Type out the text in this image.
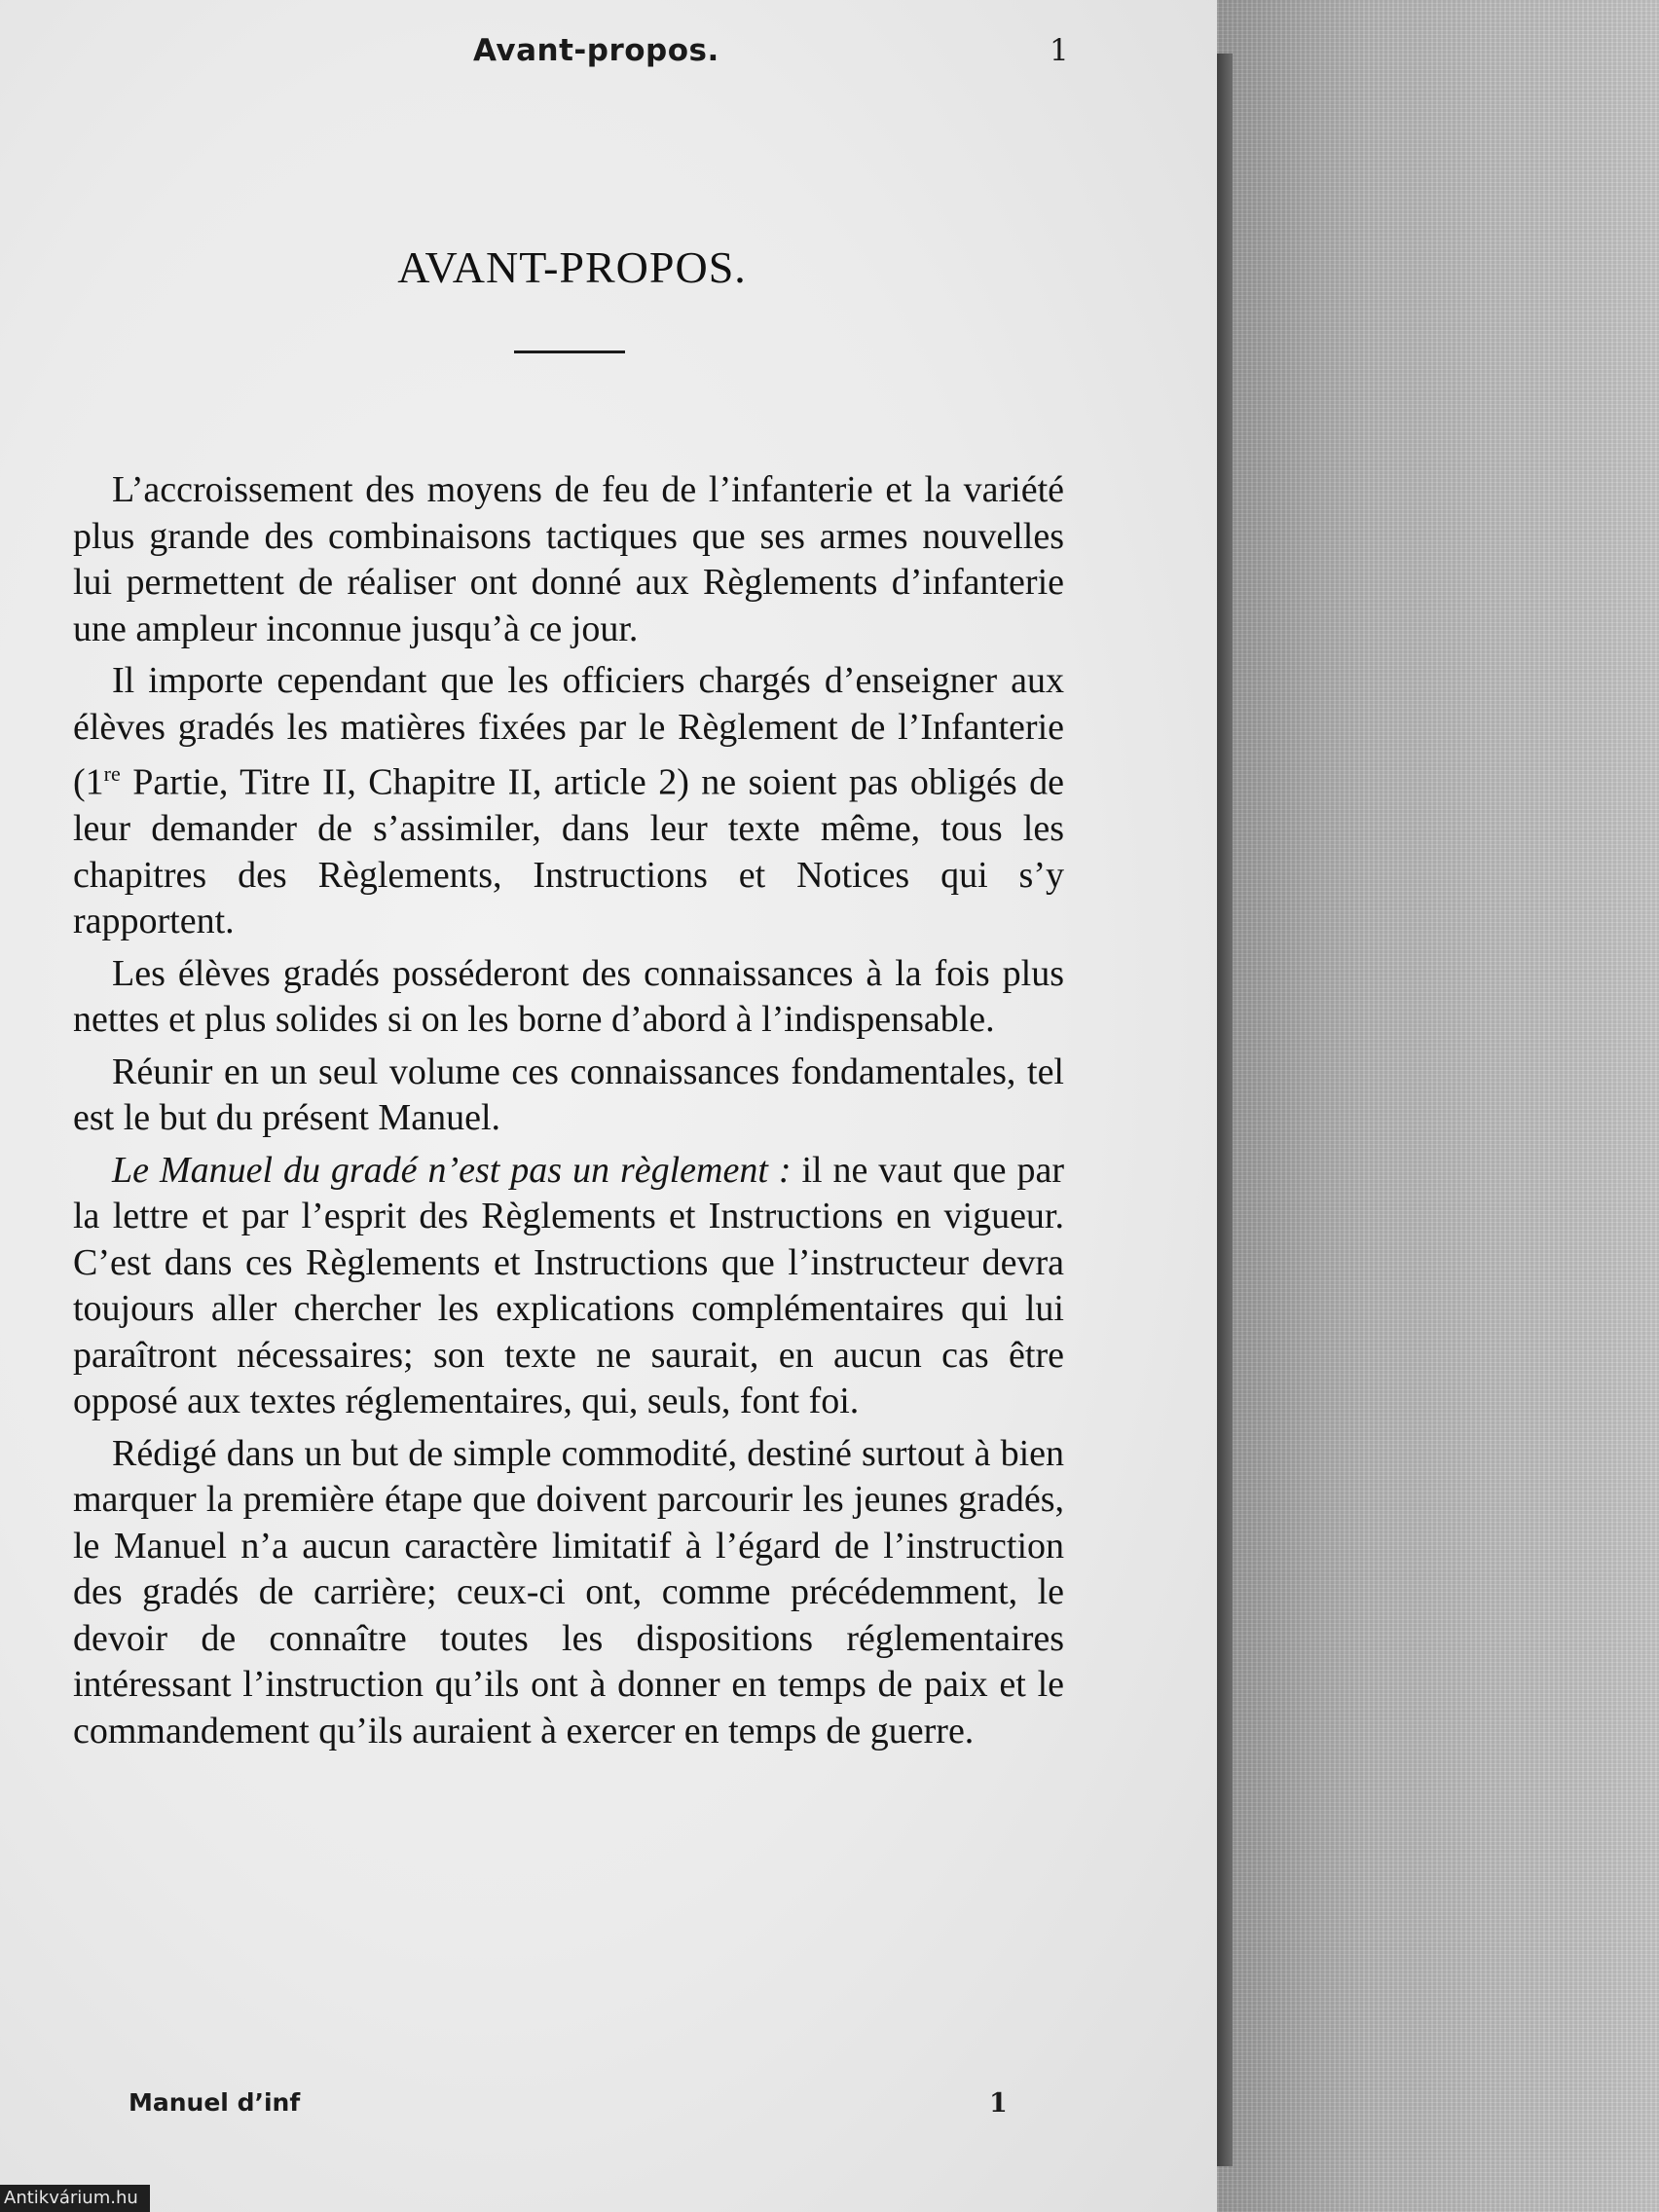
Avant-propos.	1
AVANT-PROPOS.

L’accroissement des moyens de feu de l’infanterie et la variété plus grande des combinaisons tactiques que ses armes nouvelles lui permettent de réaliser ont donné aux Règlements d’infanterie une ampleur inconnue jusqu’à ce jour.

Il importe cependant que les officiers chargés d’enseigner aux élèves gradés les matières fixées par le Règlement de l’Infanterie (1re Partie, Titre II, Chapitre II, article 2) ne soient pas obligés de leur demander de s’assimiler, dans leur texte même, tous les chapitres des Règlements, Instructions et Notices qui s’y rapportent.

Les élèves gradés posséderont des connaissances à la fois plus nettes et plus solides si on les borne d’abord à l’indispensable.

Réunir en un seul volume ces connaissances fondamentales, tel est le but du présent Manuel.

Le Manuel du gradé n’est pas un règlement : il ne vaut que par la lettre et par l’esprit des Règlements et Instructions en vigueur. C’est dans ces Règlements et Instructions que l’instructeur devra toujours aller chercher les explications complémentaires qui lui paraîtront nécessaires; son texte ne saurait, en aucun cas être opposé aux textes réglementaires, qui, seuls, font foi.

Rédigé dans un but de simple commodité, destiné surtout à bien marquer la première étape que doivent parcourir les jeunes gradés, le Manuel n’a aucun caractère limitatif à l’égard de l’instruction des gradés de carrière; ceux-ci ont, comme précédemment, le devoir de connaître toutes les dispositions réglementaires intéressant l’instruction qu’ils ont à donner en temps de paix et le commandement qu’ils auraient à exercer en temps de guerre.

Manuel d’inf	1
Antikvárium.hu
